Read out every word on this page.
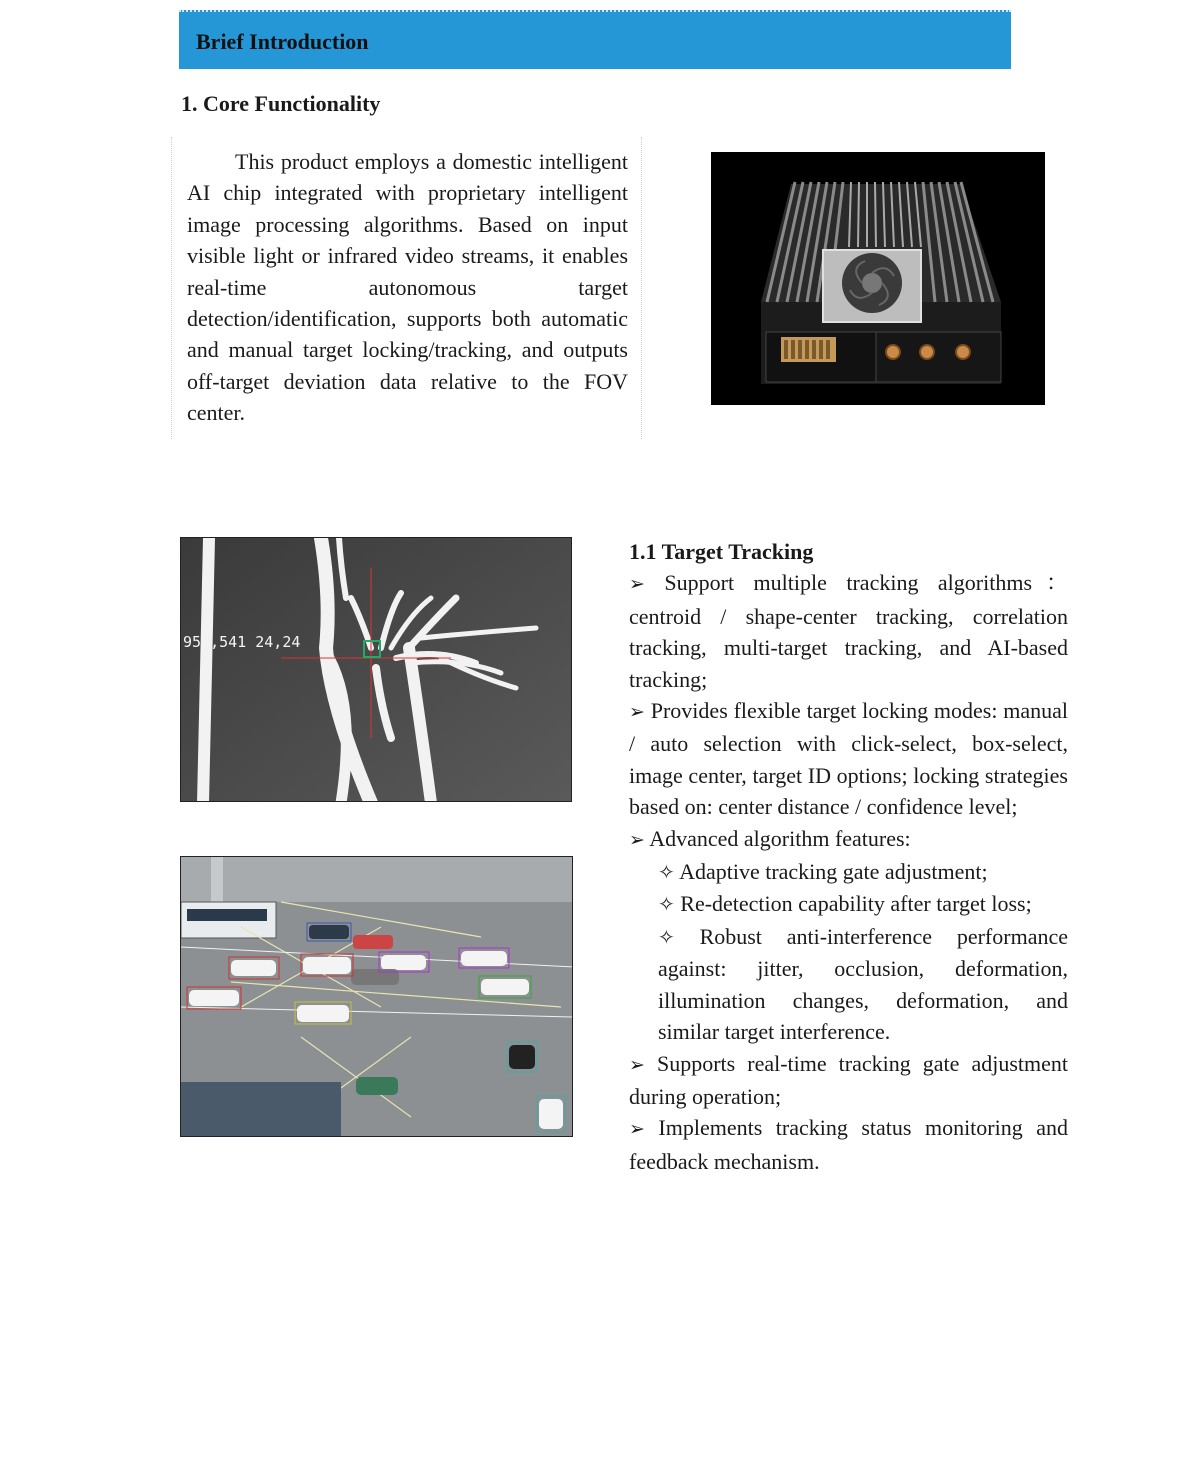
Brief Introduction
1. Core Functionality

This product employs a domestic intelligent AI chip integrated with proprietary intelligent image processing algorithms. Based on input visible light or infrared video streams, it enables real-time autonomous target detection/identification, supports both automatic and manual target locking/tracking, and outputs off-target deviation data relative to the FOV center.

953,541 24,24

1.1 Target Tracking

➢ Support multiple tracking algorithms： centroid / shape-center tracking, correlation tracking, multi-target tracking, and AI-based tracking;

➢ Provides flexible target locking modes: manual / auto selection with click-select, box-select, image center, target ID options; locking strategies based on: center distance / confidence level;

➢ Advanced algorithm features:

✧ Adaptive tracking gate adjustment;

✧ Re-detection capability after target loss;

✧ Robust anti-interference performance against: jitter, occlusion, deformation, illumination changes, deformation, and similar target interference.

➢ Supports real-time tracking gate adjustment during operation;

➢ Implements tracking status monitoring and feedback mechanism.
